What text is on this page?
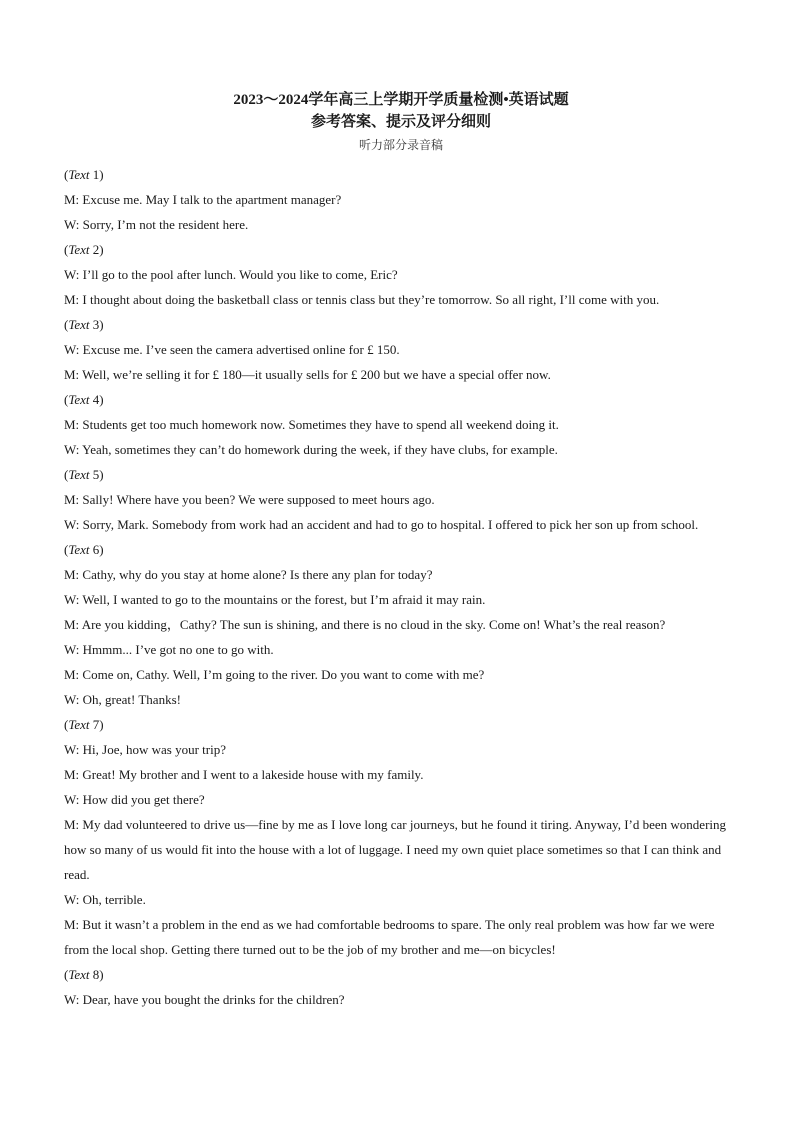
2023～2024学年高三上学期开学质量检测•英语试题
参考答案、提示及评分细则
听力部分录音稿
(Text 1)
M: Excuse me. May I talk to the apartment manager?
W: Sorry, I’m not the resident here.
(Text 2)
W: I’ll go to the pool after lunch. Would you like to come, Eric?
M: I thought about doing the basketball class or tennis class but they’re tomorrow. So all right, I’ll come with you.
(Text 3)
W: Excuse me. I’ve seen the camera advertised online for £ 150.
M: Well, we’re selling it for £ 180—it usually sells for £ 200 but we have a special offer now.
(Text 4)
M: Students get too much homework now. Sometimes they have to spend all weekend doing it.
W: Yeah, sometimes they can’t do homework during the week, if they have clubs, for example.
(Text 5)
M: Sally! Where have you been? We were supposed to meet hours ago.
W: Sorry, Mark. Somebody from work had an accident and had to go to hospital. I offered to pick her son up from school.
(Text 6)
M: Cathy, why do you stay at home alone? Is there any plan for today?
W: Well, I wanted to go to the mountains or the forest, but I’m afraid it may rain.
M: Are you kidding，Cathy? The sun is shining, and there is no cloud in the sky. Come on! What’s the real reason?
W: Hmmm... I’ve got no one to go with.
M: Come on, Cathy. Well, I’m going to the river. Do you want to come with me?
W: Oh, great! Thanks!
(Text 7)
W: Hi, Joe, how was your trip?
M: Great! My brother and I went to a lakeside house with my family.
W: How did you get there?
M: My dad volunteered to drive us—fine by me as I love long car journeys, but he found it tiring. Anyway, I’d been wondering how so many of us would fit into the house with a lot of luggage. I need my own quiet place sometimes so that I can think and read.
W: Oh, terrible.
M: But it wasn’t a problem in the end as we had comfortable bedrooms to spare. The only real problem was how far we were from the local shop. Getting there turned out to be the job of my brother and me—on bicycles!
(Text 8)
W: Dear, have you bought the drinks for the children?
